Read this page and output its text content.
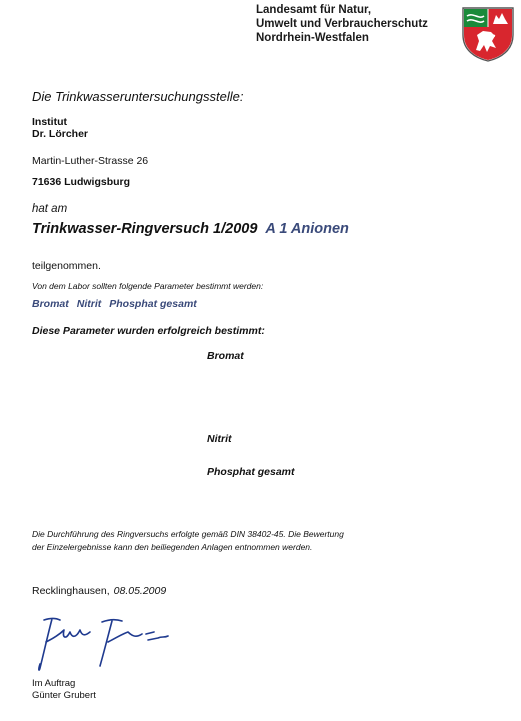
Landesamt für Natur,
Umwelt und Verbraucherschutz
Nordrhein-Westfalen
Die Trinkwasseruntersuchungsstelle:
Institut
Dr. Lörcher
Martin-Luther-Strasse 26
71636 Ludwigsburg
hat am
Trinkwasser-Ringversuch 1/2009 A 1 Anionen
teilgenommen.
Von dem Labor sollten folgende Parameter bestimmt werden:
Bromat Nitrit Phosphat gesamt
Diese Parameter wurden erfolgreich bestimmt:
Bromat
Nitrit
Phosphat gesamt
Die Durchführung des Ringversuchs erfolgte gemäß DIN 38402-45. Die Bewertung
der Einzelergebnisse kann den beiliegenden Anlagen entnommen werden.
Recklinghausen, 08.05.2009
Im Auftrag
Günter Grubert
